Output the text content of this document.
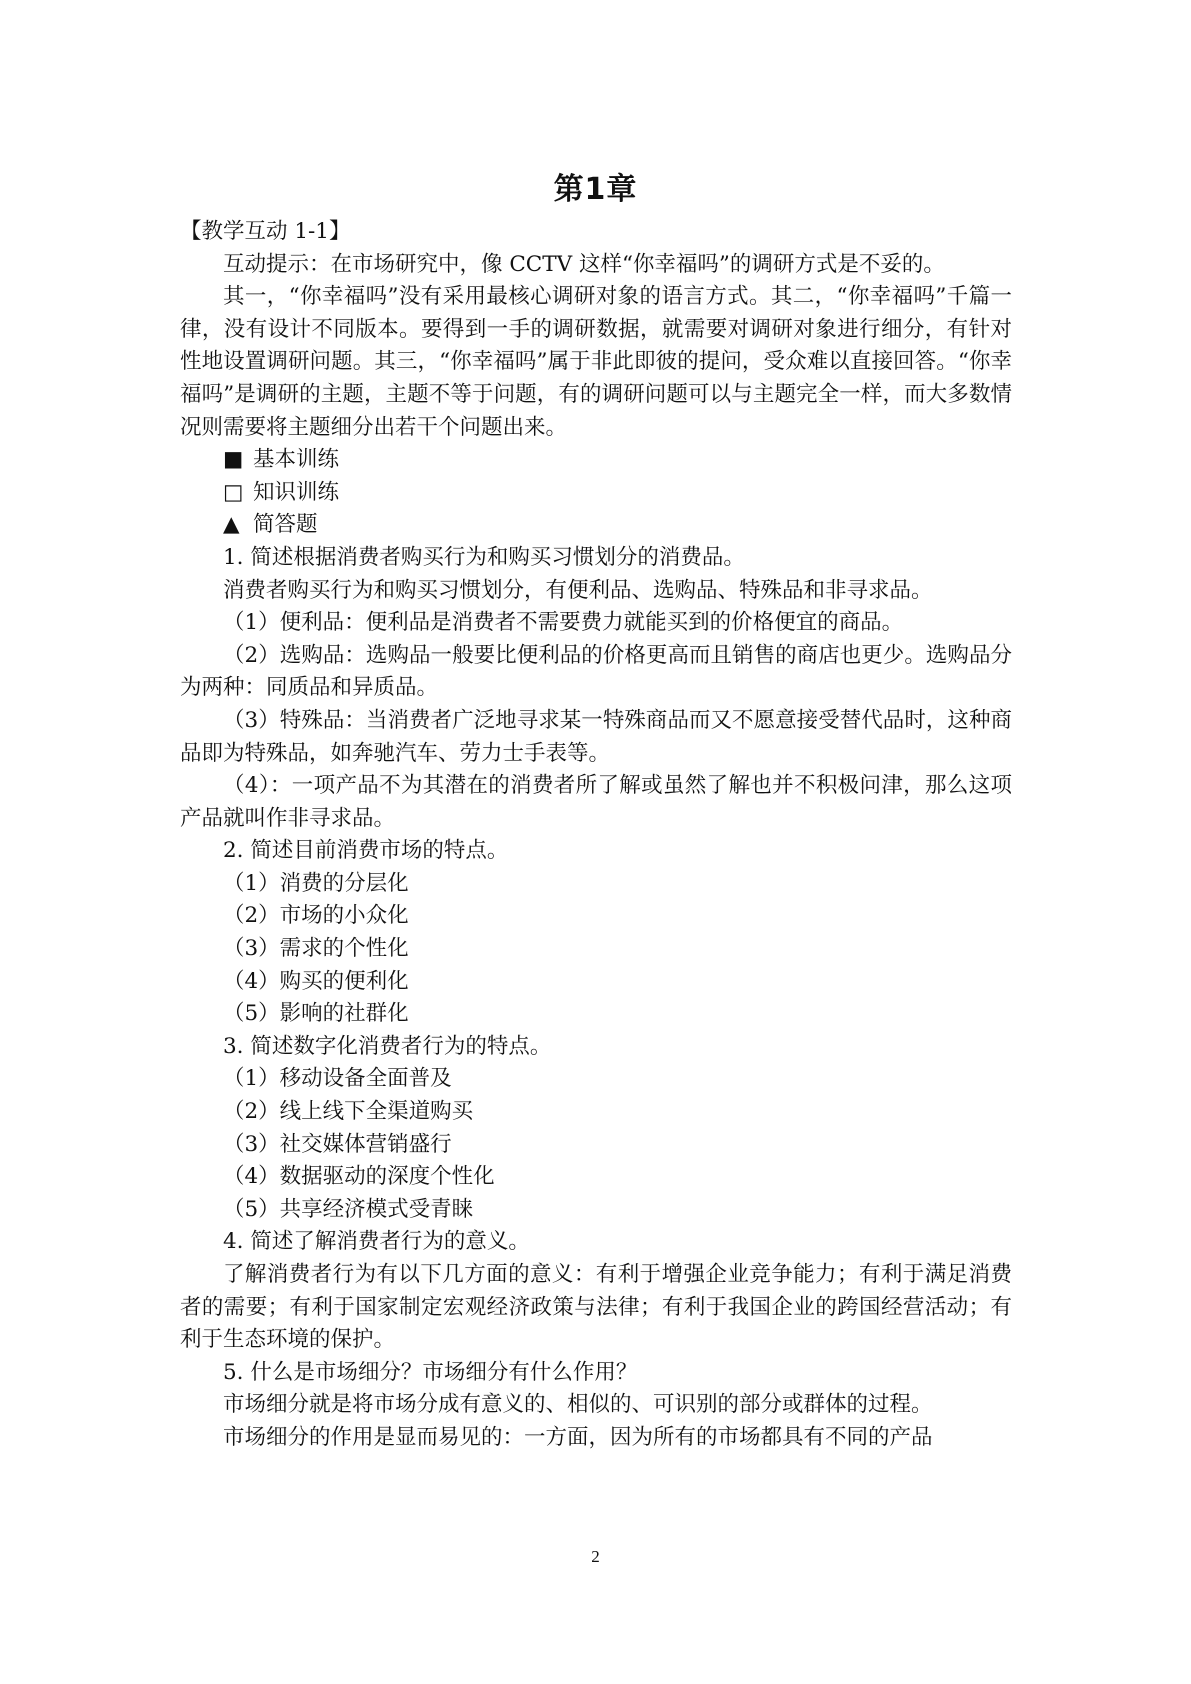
第1章

【教学互动 1-1】

互动提示：在市场研究中，像 CCTV 这样“你幸福吗”的调研方式是不妥的。

其一，“你幸福吗”没有采用最核心调研对象的语言方式。其二，“你幸福吗”千篇一律，没有设计不同版本。要得到一手的调研数据，就需要对调研对象进行细分，有针对性地设置调研问题。其三，“你幸福吗”属于非此即彼的提问，受众难以直接回答。“你幸福吗”是调研的主题，主题不等于问题，有的调研问题可以与主题完全一样，而大多数情况则需要将主题细分出若干个问题出来。

■ 基本训练

□ 知识训练

▲ 简答题

1. 简述根据消费者购买行为和购买习惯划分的消费品。

消费者购买行为和购买习惯划分，有便利品、选购品、特殊品和非寻求品。

（1）便利品：便利品是消费者不需要费力就能买到的价格便宜的商品。

（2）选购品：选购品一般要比便利品的价格更高而且销售的商店也更少。选购品分为两种：同质品和异质品。

（3）特殊品：当消费者广泛地寻求某一特殊商品而又不愿意接受替代品时，这种商品即为特殊品，如奔驰汽车、劳力士手表等。

（4）：一项产品不为其潜在的消费者所了解或虽然了解也并不积极问津，那么这项产品就叫作非寻求品。

2. 简述目前消费市场的特点。

（1）消费的分层化

（2）市场的小众化

（3）需求的个性化

（4）购买的便利化

（5）影响的社群化

3. 简述数字化消费者行为的特点。

（1）移动设备全面普及

（2）线上线下全渠道购买

（3）社交媒体营销盛行

（4）数据驱动的深度个性化

（5）共享经济模式受青睐

4. 简述了解消费者行为的意义。

了解消费者行为有以下几方面的意义：有利于增强企业竞争能力；有利于满足消费者的需要；有利于国家制定宏观经济政策与法律；有利于我国企业的跨国经营活动；有利于生态环境的保护。

5. 什么是市场细分？市场细分有什么作用？

市场细分就是将市场分成有意义的、相似的、可识别的部分或群体的过程。

市场细分的作用是显而易见的：一方面，因为所有的市场都具有不同的产品

2
